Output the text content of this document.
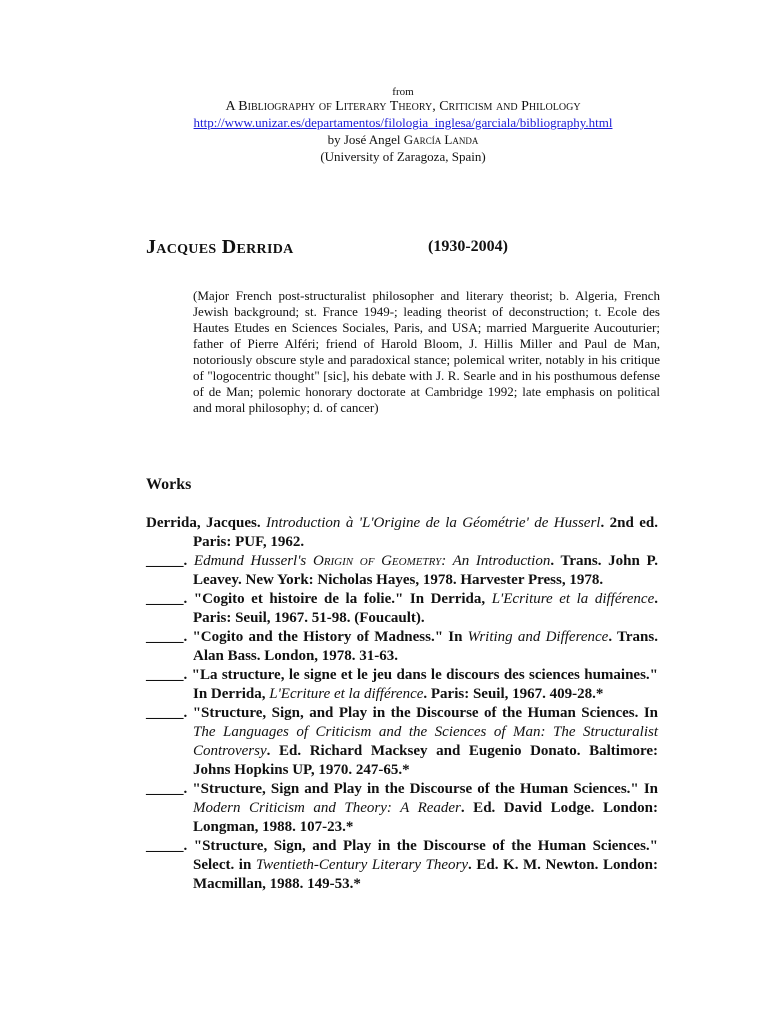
from
A Bibliography of Literary Theory, Criticism and Philology
http://www.unizar.es/departamentos/filologia_inglesa/garciala/bibliography.html
by José Angel García Landa
(University of Zaragoza, Spain)
Jacques Derrida	(1930-2004)
(Major French post-structuralist philosopher and literary theorist; b. Algeria, French Jewish background; st. France 1949-; leading theorist of deconstruction; t. Ecole des Hautes Etudes en Sciences Sociales, Paris, and USA; married Marguerite Aucouturier; father of Pierre Alféri; friend of Harold Bloom, J. Hillis Miller and Paul de Man, notoriously obscure style and paradoxical stance; polemical writer, notably in his critique of "logocentric thought" [sic], his debate with J. R. Searle and in his posthumous defense of de Man; polemic honorary doctorate at Cambridge 1992; late emphasis on political and moral philosophy; d. of cancer)
Works

Derrida, Jacques. Introduction à 'L'Origine de la Géométrie' de Husserl. 2nd ed. Paris: PUF, 1962.

_____. Edmund Husserl's Origin of Geometry: An Introduction. Trans. John P. Leavey. New York: Nicholas Hayes, 1978. Harvester Press, 1978.

_____. "Cogito et histoire de la folie." In Derrida, L'Ecriture et la différence. Paris: Seuil, 1967. 51-98. (Foucault).

_____. "Cogito and the History of Madness." In Writing and Difference. Trans. Alan Bass. London, 1978. 31-63.

_____. "La structure, le signe et le jeu dans le discours des sciences humaines." In Derrida, L'Ecriture et la différence. Paris: Seuil, 1967. 409-28.*

_____. "Structure, Sign, and Play in the Discourse of the Human Sciences. In The Languages of Criticism and the Sciences of Man: The Structuralist Controversy. Ed. Richard Macksey and Eugenio Donato. Baltimore: Johns Hopkins UP, 1970. 247-65.*

_____. "Structure, Sign and Play in the Discourse of the Human Sciences." In Modern Criticism and Theory: A Reader. Ed. David Lodge. London: Longman, 1988. 107-23.*

_____. "Structure, Sign, and Play in the Discourse of the Human Sciences." Select. in Twentieth-Century Literary Theory. Ed. K. M. Newton. London: Macmillan, 1988. 149-53.*
